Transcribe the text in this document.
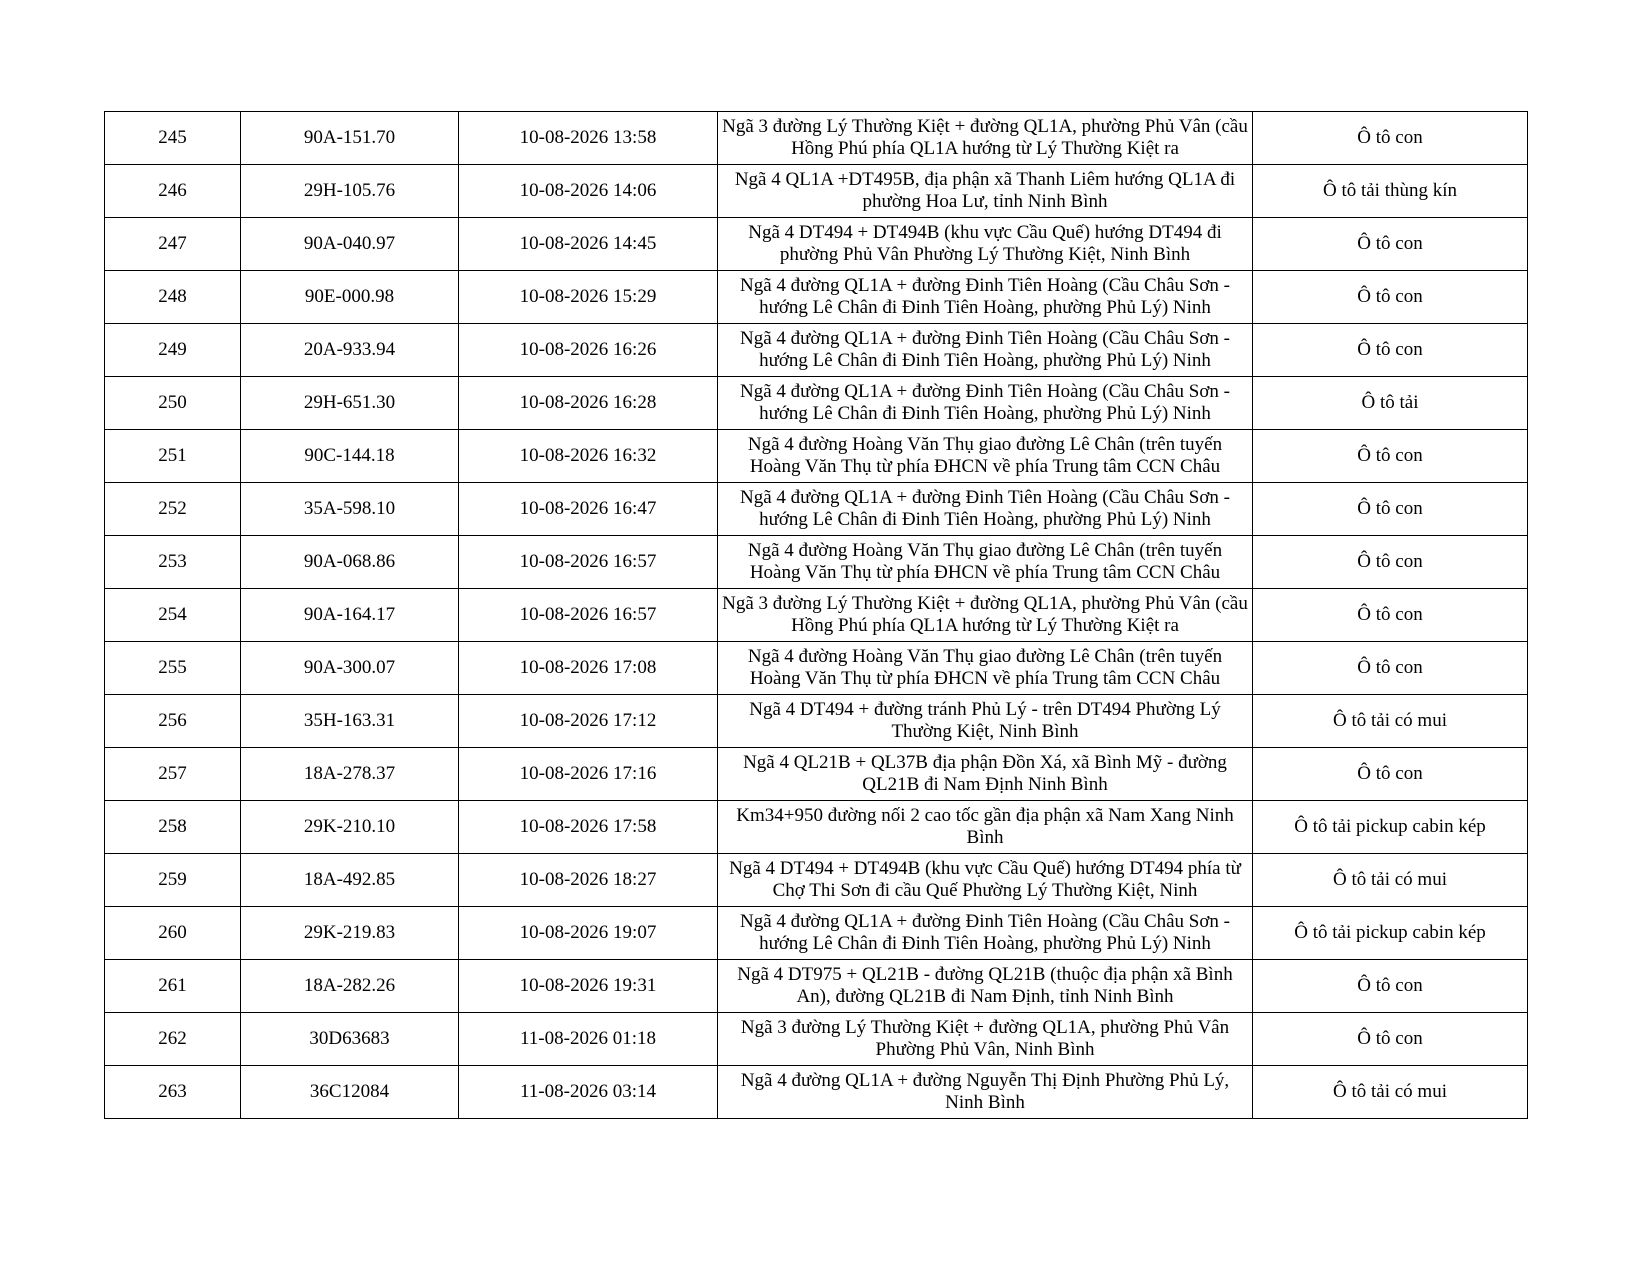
245	90A-151.70	10-08-2026 13:58	Ngã 3 đường Lý Thường Kiệt + đường QL1A, phường Phủ Vân (cầu Hồng Phú phía QL1A hướng từ Lý Thường Kiệt ra	Ô tô con
246	29H-105.76	10-08-2026 14:06	Ngã 4 QL1A +DT495B, địa phận xã Thanh Liêm hướng QL1A đi phường Hoa Lư, tỉnh Ninh Bình	Ô tô tải thùng kín
247	90A-040.97	10-08-2026 14:45	Ngã 4 DT494 + DT494B (khu vực Cầu Quế) hướng DT494 đi phường Phủ Vân Phường Lý Thường Kiệt, Ninh Bình	Ô tô con
248	90E-000.98	10-08-2026 15:29	Ngã 4 đường QL1A + đường Đinh Tiên Hoàng (Cầu Châu Sơn - hướng Lê Chân đi Đinh Tiên Hoàng, phường Phủ Lý) Ninh	Ô tô con
249	20A-933.94	10-08-2026 16:26	Ngã 4 đường QL1A + đường Đinh Tiên Hoàng (Cầu Châu Sơn - hướng Lê Chân đi Đinh Tiên Hoàng, phường Phủ Lý) Ninh	Ô tô con
250	29H-651.30	10-08-2026 16:28	Ngã 4 đường QL1A + đường Đinh Tiên Hoàng (Cầu Châu Sơn - hướng Lê Chân đi Đinh Tiên Hoàng, phường Phủ Lý) Ninh	Ô tô tải
251	90C-144.18	10-08-2026 16:32	Ngã 4 đường Hoàng Văn Thụ giao đường Lê Chân (trên tuyến Hoàng Văn Thụ từ phía ĐHCN về phía Trung tâm CCN Châu	Ô tô con
252	35A-598.10	10-08-2026 16:47	Ngã 4 đường QL1A + đường Đinh Tiên Hoàng (Cầu Châu Sơn - hướng Lê Chân đi Đinh Tiên Hoàng, phường Phủ Lý) Ninh	Ô tô con
253	90A-068.86	10-08-2026 16:57	Ngã 4 đường Hoàng Văn Thụ giao đường Lê Chân (trên tuyến Hoàng Văn Thụ từ phía ĐHCN về phía Trung tâm CCN Châu	Ô tô con
254	90A-164.17	10-08-2026 16:57	Ngã 3 đường Lý Thường Kiệt + đường QL1A, phường Phủ Vân (cầu Hồng Phú phía QL1A hướng từ Lý Thường Kiệt ra	Ô tô con
255	90A-300.07	10-08-2026 17:08	Ngã 4 đường Hoàng Văn Thụ giao đường Lê Chân (trên tuyến Hoàng Văn Thụ từ phía ĐHCN về phía Trung tâm CCN Châu	Ô tô con
256	35H-163.31	10-08-2026 17:12	Ngã 4 DT494 + đường tránh Phủ Lý - trên DT494 Phường Lý Thường Kiệt, Ninh Bình	Ô tô tải có mui
257	18A-278.37	10-08-2026 17:16	Ngã 4 QL21B + QL37B địa phận Đồn Xá, xã Bình Mỹ - đường QL21B đi Nam Định Ninh Bình	Ô tô con
258	29K-210.10	10-08-2026 17:58	Km34+950 đường nối 2 cao tốc gần địa phận xã Nam Xang Ninh Bình	Ô tô tải pickup cabin kép
259	18A-492.85	10-08-2026 18:27	Ngã 4 DT494 + DT494B (khu vực Cầu Quế) hướng DT494 phía từ Chợ Thi Sơn đi cầu Quế Phường Lý Thường Kiệt, Ninh	Ô tô tải có mui
260	29K-219.83	10-08-2026 19:07	Ngã 4 đường QL1A + đường Đinh Tiên Hoàng (Cầu Châu Sơn - hướng Lê Chân đi Đinh Tiên Hoàng, phường Phủ Lý) Ninh	Ô tô tải pickup cabin kép
261	18A-282.26	10-08-2026 19:31	Ngã 4 DT975 + QL21B - đường QL21B (thuộc địa phận xã Bình An), đường QL21B đi Nam Định, tỉnh Ninh Bình	Ô tô con
262	30D63683	11-08-2026 01:18	Ngã 3 đường Lý Thường Kiệt + đường QL1A, phường Phủ Vân Phường Phủ Vân, Ninh Bình	Ô tô con
263	36C12084	11-08-2026 03:14	Ngã 4 đường QL1A + đường Nguyễn Thị Định Phường Phủ Lý, Ninh Bình	Ô tô tải có mui
